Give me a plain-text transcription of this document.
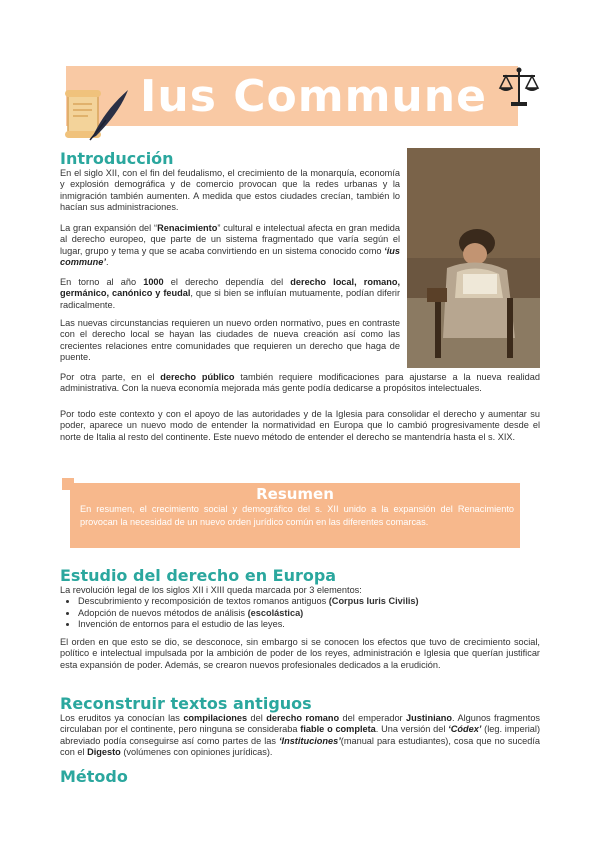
Ius Commune
Introducción

En el siglo XII, con el fin del feudalismo, el crecimiento de la monarquía, economía y explosión demográfica y de comercio provocan que la redes urbanas y la inmigración también aumenten. A medida que estos ciudades crecían, también lo hacían sus administraciones.

La gran expansión del “Renacimiento” cultural e intelectual afecta en gran medida al derecho europeo, que parte de un sistema fragmentado que varía según el lugar, grupo y tema y que se acaba convirtiendo en un sistema conocido como ‘ius commune’.

En torno al año 1000 el derecho dependía del derecho local, romano, germánico, canónico y feudal, que si bien se influían mutuamente, podían diferir radicalmente.

Las nuevas circunstancias requieren un nuevo orden normativo, pues en contraste con el derecho local se hayan las ciudades de nueva creación así como las crecientes relaciones entre comunidades que requieren un derecho que haga de puente.

Por otra parte, en el derecho público también requiere modificaciones para ajustarse a la nueva realidad administrativa. Con la nueva economía mejorada más gente podía dedicarse a propósitos intelectuales.

Por todo este contexto y con el apoyo de las autoridades y de la Iglesia para consolidar el derecho y aumentar su poder, aparece un nuevo modo de entender la normatividad en Europa que lo cambió progresivamente desde el norte de Italia al resto del continente. Este nuevo método de entender el derecho se mantendría hasta el s. XIX.

Resumen

En resumen, el crecimiento social y demográfico del s. XII unido a la expansión del Renacimiento provocan la necesidad de un nuevo orden jurídico común en las diferentes comarcas.

Estudio del derecho en Europa

La revolución legal de los siglos XII i XIII queda marcada por 3 elementos:

• Descubrimiento y recomposición de textos romanos antiguos (Corpus Iuris Civilis)
• Adopción de nuevos métodos de análisis (escolástica)
• Invención de entornos para el estudio de las leyes.

El orden en que esto se dio, se desconoce, sin embargo si se conocen los efectos que tuvo de crecimiento social, político e intelectual impulsada por la ambición de poder de los reyes, administración e Iglesia que querían justificar esta expansión de poder. Además, se crearon nuevos profesionales dedicados a la erudición.

Reconstruir textos antiguos

Los eruditos ya conocían las compilaciones del derecho romano del emperador Justiniano. Algunos fragmentos circulaban por el continente, pero ninguna se consideraba fiable o completa. Una versión del ‘Códex’ (leg. imperial) abreviado podía conseguirse así como partes de las ‘Instituciones’(manual para estudiantes), cosa que no sucedía con el Digesto (volúmenes con opiniones jurídicas).

Método
